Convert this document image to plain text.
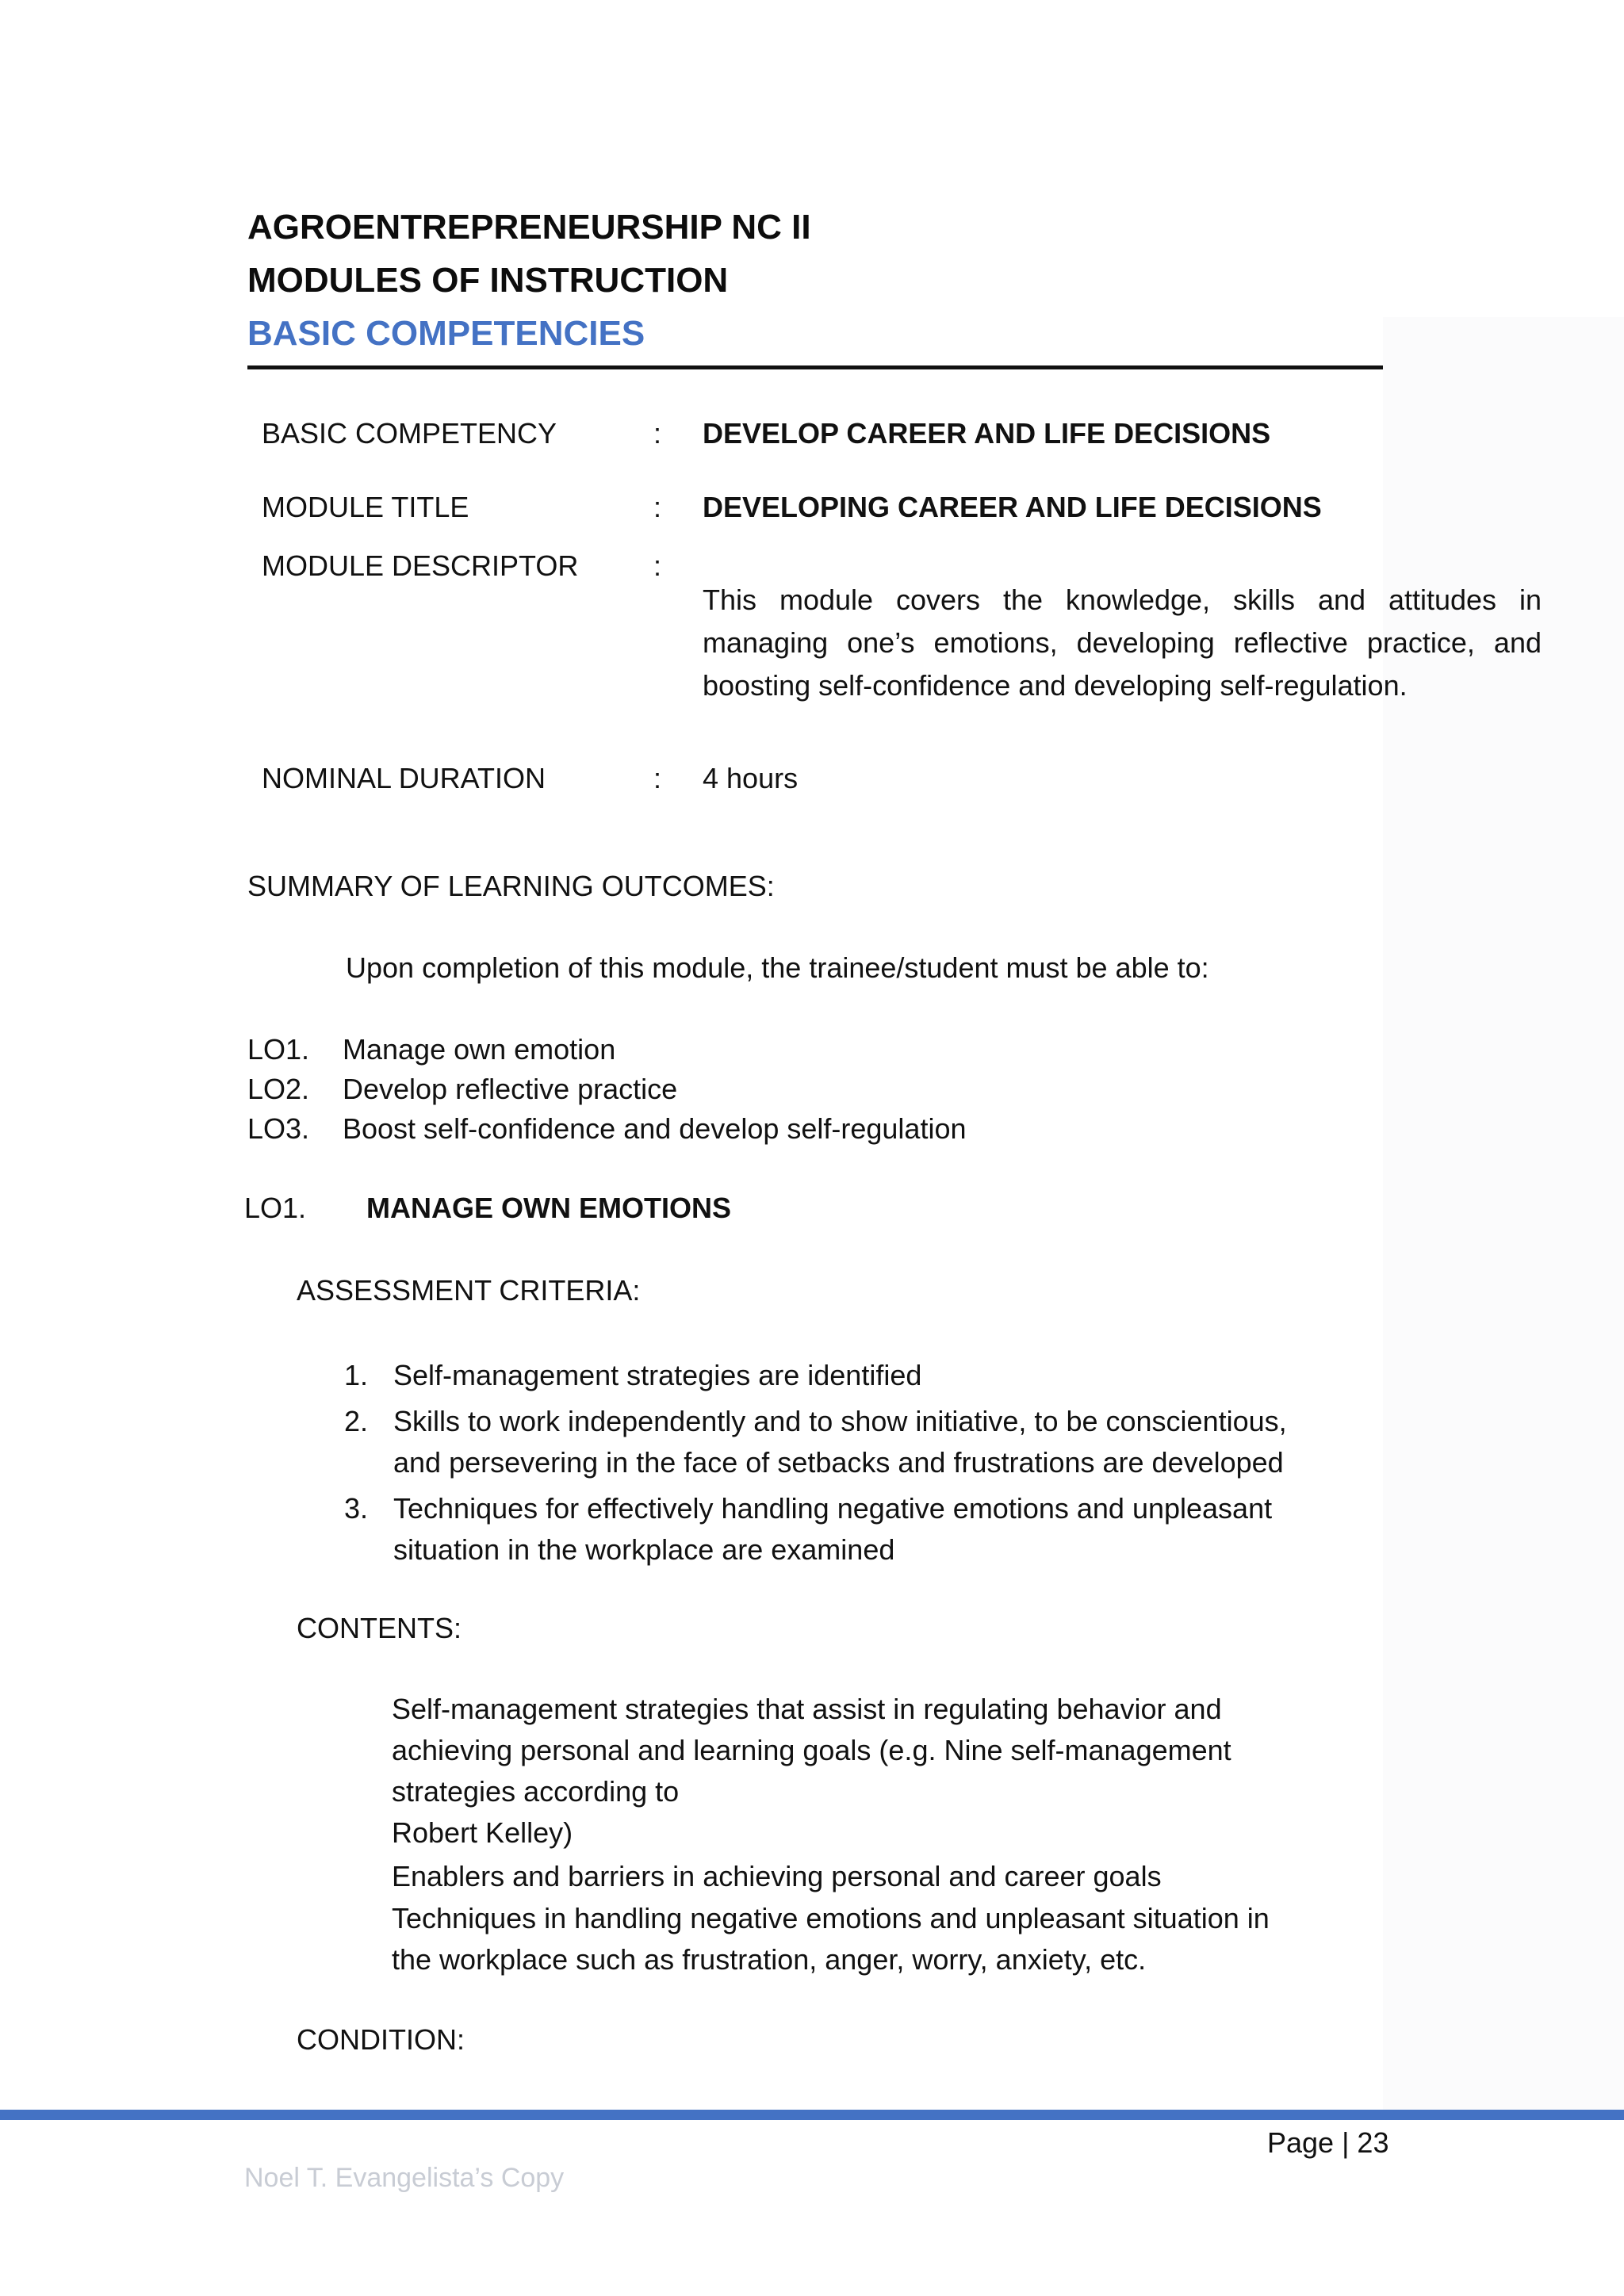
AGROENTREPRENEURSHIP NC II
MODULES OF INSTRUCTION
BASIC COMPETENCIES
BASIC COMPETENCY	: DEVELOP CAREER AND LIFE DECISIONS
MODULE TITLE	: DEVELOPING CAREER AND LIFE DECISIONS
MODULE DESCRIPTOR	:
This module covers the knowledge, skills and attitudes in managing one’s emotions, developing reflective practice, and boosting self-confidence and developing self-regulation.
NOMINAL DURATION	: 4 hours
SUMMARY OF LEARNING OUTCOMES:
Upon completion of this module, the trainee/student must be able to:
LO1. Manage own emotion
LO2. Develop reflective practice
LO3. Boost self-confidence and develop self-regulation
LO1. MANAGE OWN EMOTIONS
ASSESSMENT CRITERIA:
1. Self-management strategies are identified
2. Skills to work independently and to show initiative, to be conscientious,
and persevering in the face of setbacks and frustrations are developed
3. Techniques for effectively handling negative emotions and unpleasant
situation in the workplace are examined
CONTENTS:
Self-management strategies that assist in regulating behavior and
achieving personal and learning goals (e.g. Nine self-management
strategies according to
Robert Kelley)
Enablers and barriers in achieving personal and career goals
Techniques in handling negative emotions and unpleasant situation in
the workplace such as frustration, anger, worry, anxiety, etc.
CONDITION:
Page | 23
Noel T. Evangelista’s Copy
